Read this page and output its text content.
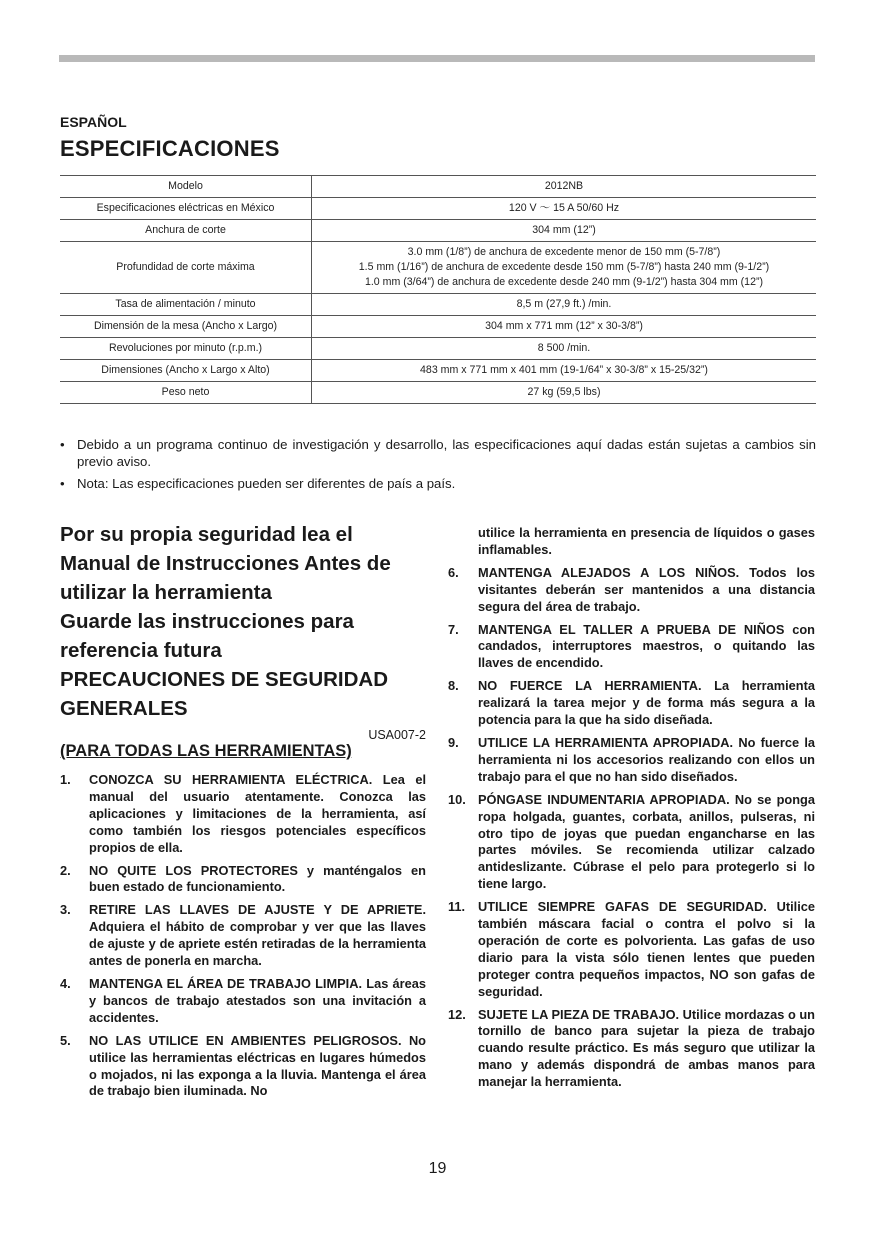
ESPAÑOL
ESPECIFICACIONES
Modelo	2012NB

Especificaciones eléctricas en México	120 V ～ 15 A 50/60 Hz

Anchura de corte	304 mm (12”)

Profundidad de corte máxima	3.0 mm (1/8”) de anchura de excedente menor de 150 mm (5-7/8”)
1.5 mm (1/16”) de anchura de excedente desde 150 mm (5-7/8”) hasta 240 mm (9-1/2”)
1.0 mm (3/64”) de anchura de excedente desde 240 mm (9-1/2”) hasta 304 mm (12”)

Tasa de alimentación / minuto	8,5 m (27,9 ft.) /min.

Dimensión de la mesa (Ancho x Largo)	304 mm x 771 mm (12” x 30-3/8”)

Revoluciones por minuto (r.p.m.)	8 500 /min.

Dimensiones (Ancho x Largo x Alto)	483 mm x 771 mm x 401 mm (19-1/64” x 30-3/8” x 15-25/32”)

Peso neto	27 kg (59,5 lbs)
• Debido a un programa continuo de investigación y desarrollo, las especificaciones aquí dadas están sujetas a cambios sin previo aviso.
• Nota: Las especificaciones pueden ser diferentes de país a país.
Por su propia seguridad lea el
Manual de Instrucciones Antes de
utilizar la herramienta
Guarde las instrucciones para
referencia futura
PRECAUCIONES DE SEGURIDAD
GENERALES
USA007-2
(PARA TODAS LAS HERRAMIENTAS)
1. CONOZCA SU HERRAMIENTA ELÉCTRICA. Lea el manual del usuario atentamente. Conozca las aplicaciones y limitaciones de la herramienta, así como también los riesgos potenciales específicos propios de ella.
2. NO QUITE LOS PROTECTORES y manténgalos en buen estado de funcionamiento.
3. RETIRE LAS LLAVES DE AJUSTE Y DE APRIETE. Adquiera el hábito de comprobar y ver que las llaves de ajuste y de apriete estén retiradas de la herramienta antes de ponerla en marcha.
4. MANTENGA EL ÁREA DE TRABAJO LIMPIA. Las áreas y bancos de trabajo atestados son una invitación a accidentes.
5. NO LAS UTILICE EN AMBIENTES PELIGROSOS. No utilice las herramientas eléctricas en lugares húmedos o mojados, ni las exponga a la lluvia. Mantenga el área de trabajo bien iluminada. No
utilice la herramienta en presencia de líquidos o gases inflamables.
6. MANTENGA ALEJADOS A LOS NIÑOS. Todos los visitantes deberán ser mantenidos a una distancia segura del área de trabajo.
7. MANTENGA EL TALLER A PRUEBA DE NIÑOS con candados, interruptores maestros, o quitando las llaves de encendido.
8. NO FUERCE LA HERRAMIENTA. La herramienta realizará la tarea mejor y de forma más segura a la potencia para la que ha sido diseñada.
9. UTILICE LA HERRAMIENTA APROPIADA. No fuerce la herramienta ni los accesorios realizando con ellos un trabajo para el que no han sido diseñados.
10. PÓNGASE INDUMENTARIA APROPIADA. No se ponga ropa holgada, guantes, corbata, anillos, pulseras, ni otro tipo de joyas que puedan engancharse en las partes móviles. Se recomienda utilizar calzado antideslizante. Cúbrase el pelo para protegerlo si lo tiene largo.
11. UTILICE SIEMPRE GAFAS DE SEGURIDAD. Utilice también máscara facial o contra el polvo si la operación de corte es polvorienta. Las gafas de uso diario para la vista sólo tienen lentes que pueden proteger contra pequeños impactos, NO son gafas de seguridad.
12. SUJETE LA PIEZA DE TRABAJO. Utilice mordazas o un tornillo de banco para sujetar la pieza de trabajo cuando resulte práctico. Es más seguro que utilizar la mano y además dispondrá de ambas manos para manejar la herramienta.
19
